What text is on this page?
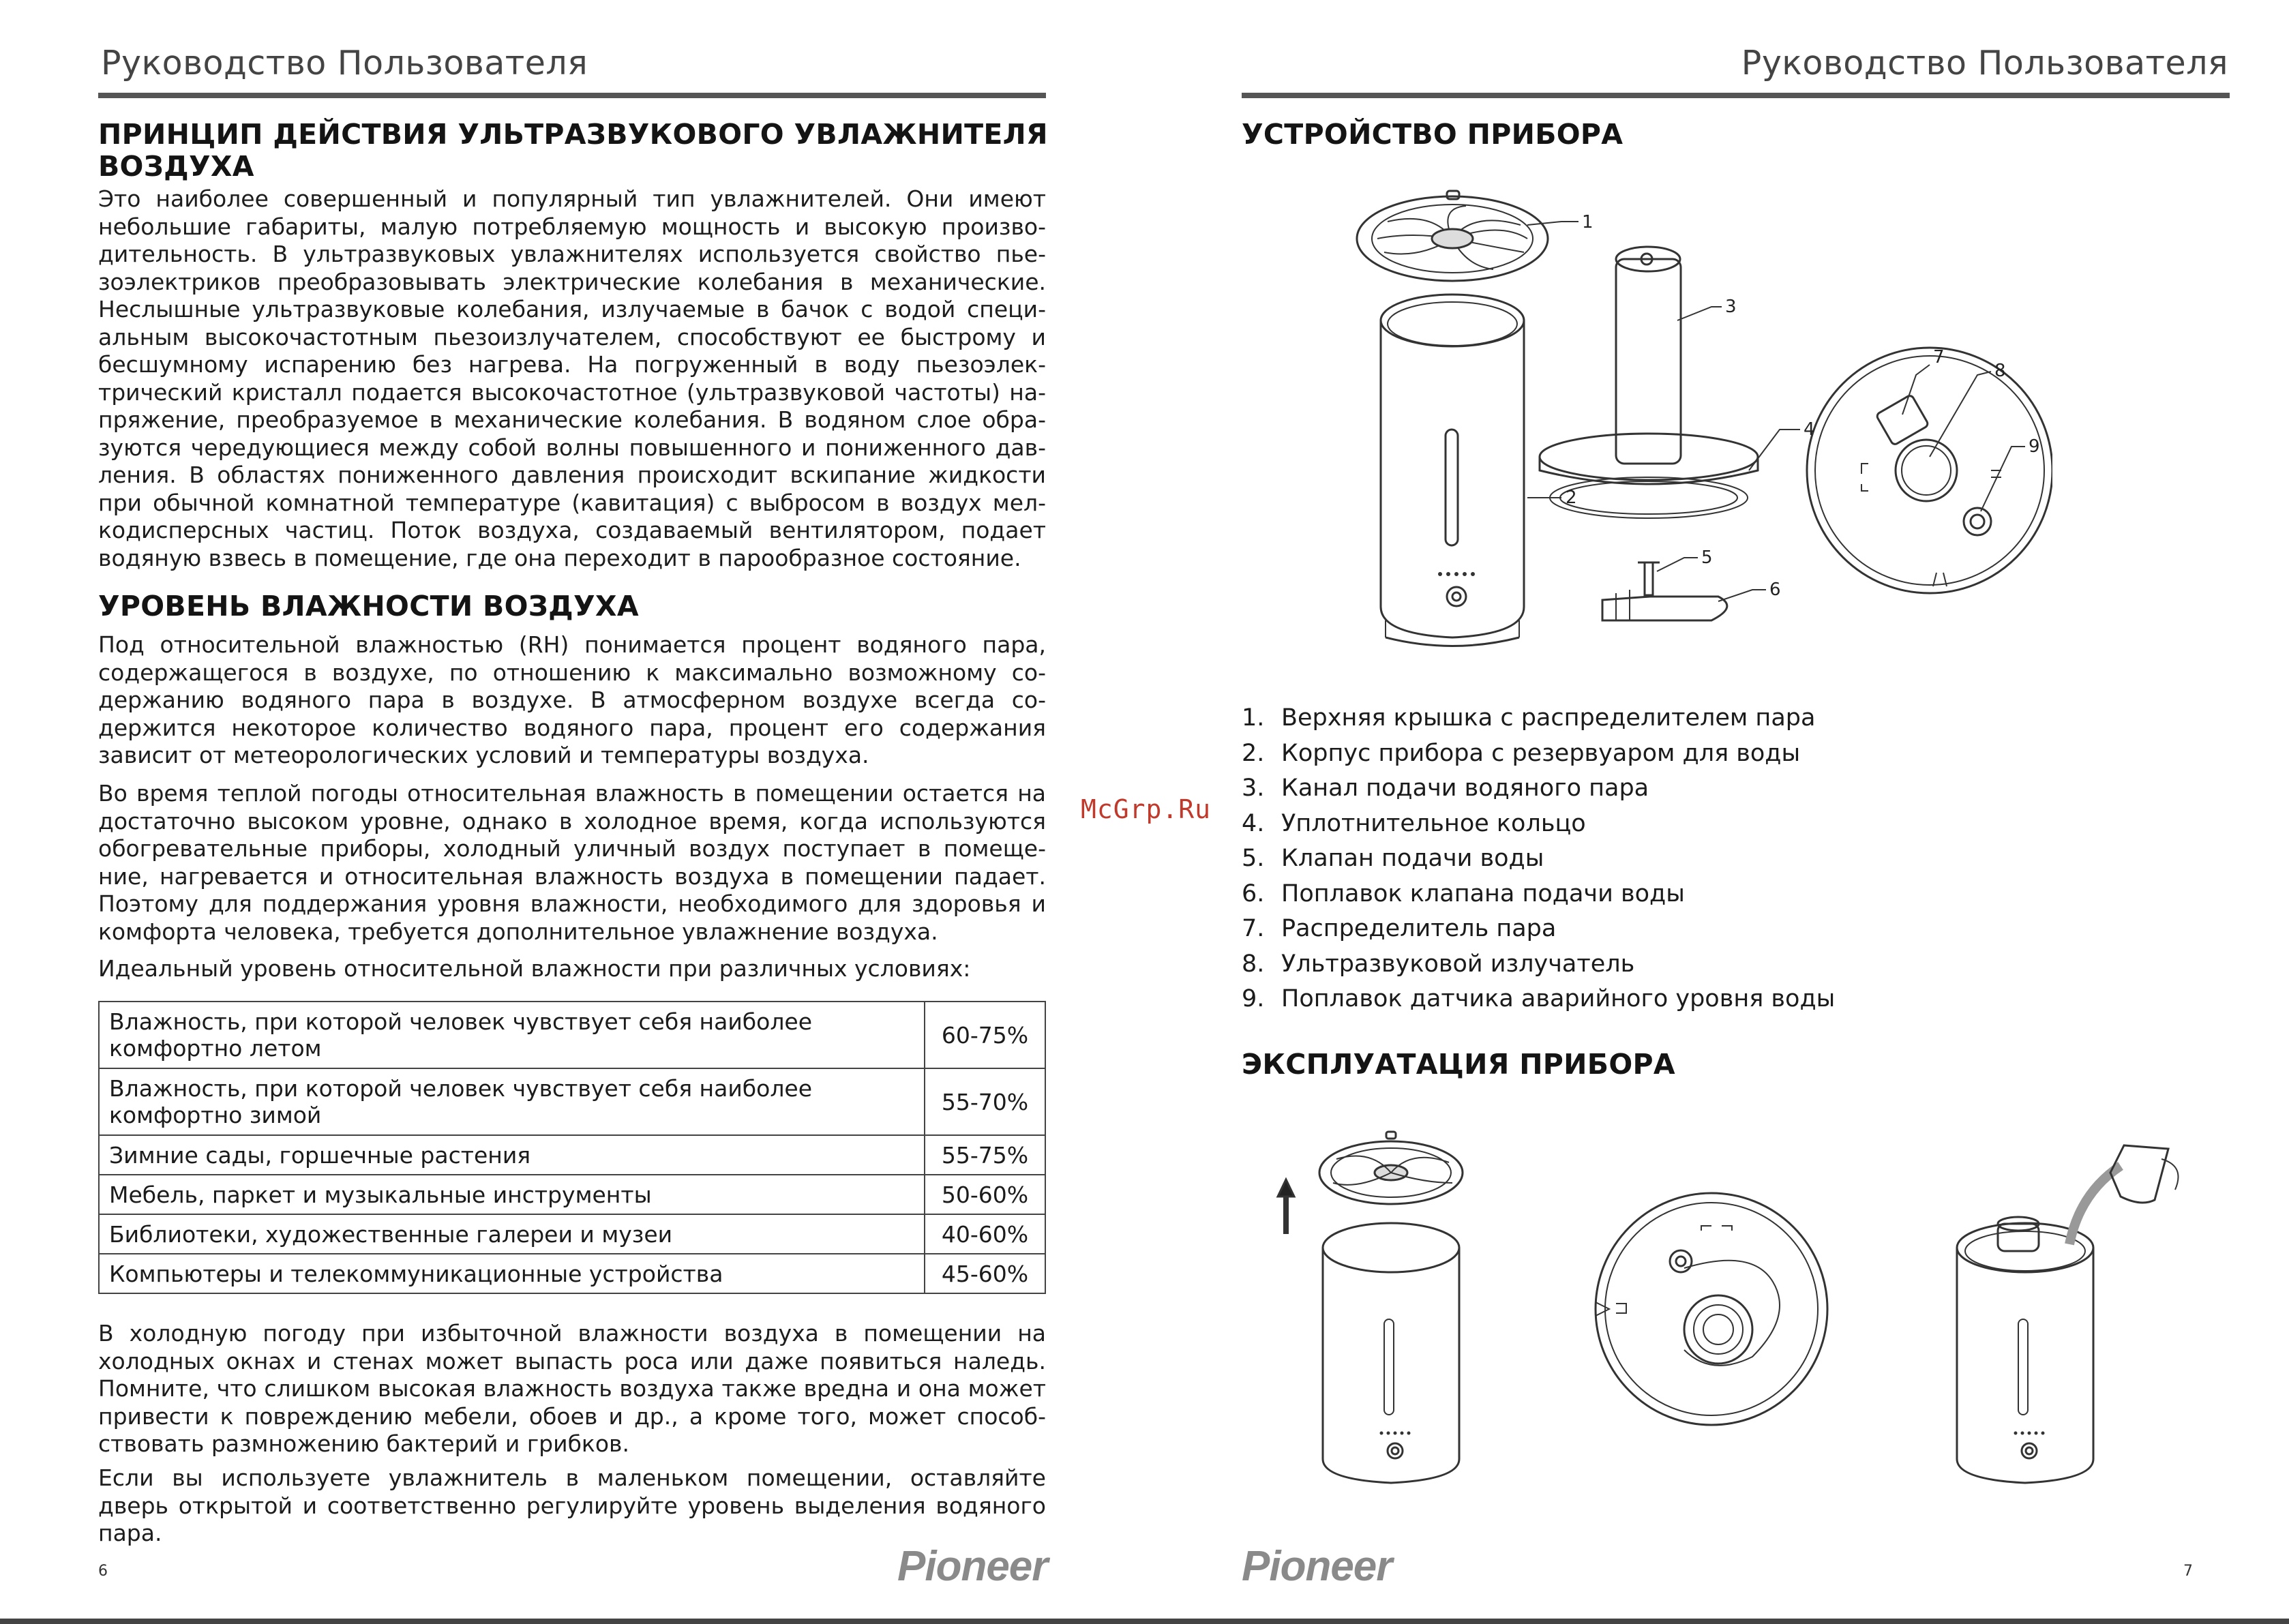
Руководство Пользователя
ПРИНЦИП ДЕЙСТВИЯ УЛЬТРАЗВУКОВОГО УВЛАЖНИТЕЛЯ ВОЗДУХА

Это наиболее совершенный и популярный тип увлажнителей. Они имеют небольшие габариты, малую потребляемую мощность и высокую произво-дительность. В ультразвуковых увлажнителях используется свойство пье-зоэлектриков преобразовывать электрические колебания в механические. Неслышные ультразвуковые колебания, излучаемые в бачок с водой специ-альным высокочастотным пьезоизлучателем, способствуют ее быстрому и бесшумному испарению без нагрева. На погруженный в воду пьезоэлек-трический кристалл подается высокочастотное (ультразвуковой частоты) на-пряжение, преобразуемое в механические колебания. В водяном слое обра-зуются чередующиеся между собой волны повышенного и пониженного дав-ления. В областях пониженного давления происходит вскипание жидкости при обычной комнатной температуре (кавитация) с выбросом в воздух мел-кодисперсных частиц. Поток воздуха, создаваемый вентилятором, подает водяную взвесь в помещение, где она переходит в парообразное состояние.

УРОВЕНЬ ВЛАЖНОСТИ ВОЗДУХА

Под относительной влажностью (RH) понимается процент водяного пара, содержащегося в воздухе, по отношению к максимально возможному со-держанию водяного пара в воздухе. В атмосферном воздухе всегда со-держится некоторое количество водяного пара, процент его содержания зависит от метеорологических условий и температуры воздуха.

Во время теплой погоды относительная влажность в помещении остается на достаточно высоком уровне, однако в холодное время, когда используются обогревательные приборы, холодный уличный воздух поступает в помеще-ние, нагревается и относительная влажность воздуха в помещении падает. Поэтому для поддержания уровня влажности, необходимого для здоровья и комфорта человека, требуется дополнительное увлажнение воздуха.

Идеальный уровень относительной влажности при различных условиях:

Влажность, при которой человек чувствует себя наиболее комфортно летом	60-75%
Влажность, при которой человек чувствует себя наиболее комфортно зимой	55-70%
Зимние сады, горшечные растения	55-75%
Мебель, паркет и музыкальные инструменты	50-60%
Библиотеки, художественные галереи и музеи	40-60%
Компьютеры и телекоммуникационные устройства	45-60%

В холодную погоду при избыточной влажности воздуха в помещении на холодных окнах и стенах может выпасть роса или даже появиться наледь. Помните, что слишком высокая влажность воздуха также вредна и она может привести к повреждению мебели, обоев и др., а кроме того, может способ-ствовать размножению бактерий и грибков.

Если вы используете увлажнитель в маленьком помещении, оставляйте дверь открытой и соответственно регулируйте уровень выделения водяного пара.

6	Pioneer
McGrp.Ru
Руководство Пользователя
УСТРОЙСТВО ПРИБОРА
1
2
3
4
5
6
7
8
9
1. Верхняя крышка с распределителем пара
2. Корпус прибора с резервуаром для воды
3. Канал подачи водяного пара
4. Уплотнительное кольцо
5. Клапан подачи воды
6. Поплавок клапана подачи воды
7. Распределитель пара
8. Ультразвуковой излучатель
9. Поплавок датчика аварийного уровня воды
ЭКСПЛУАТАЦИЯ ПРИБОРА
Pioneer	7
